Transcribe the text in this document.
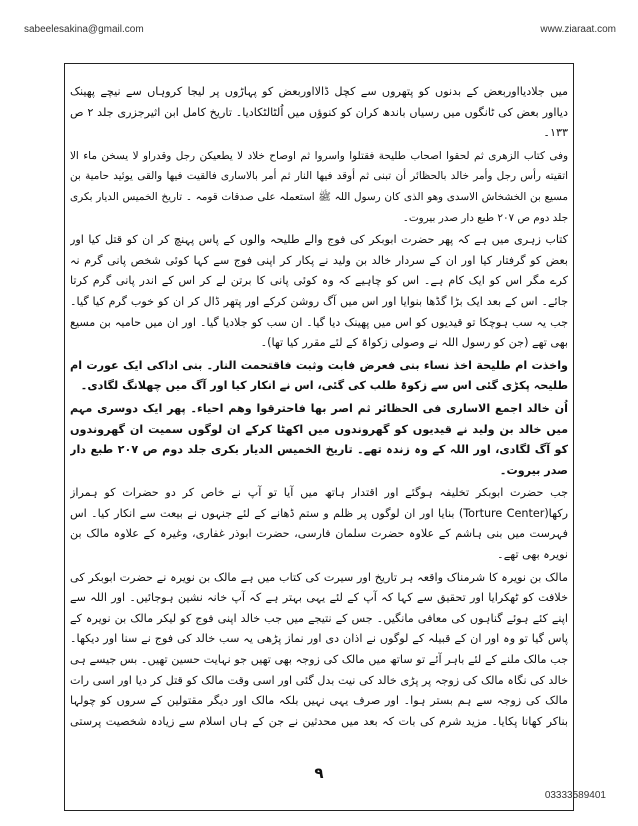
sabeelesakina@gmail.com	www.ziaraat.com

میں جلادیااوربعض کے بدنوں کو پتھروں سے کچل ڈالااوربعض کو پہاڑوں پر لیجا کروہاں سے نیچے پھینک دیااور بعض کی ٹانگوں میں رسیاں باندھ کران کو کنوؤں میں اُلٹالٹکادیا۔ تاریخ کامل ابن اثیرجزری جلد ۲ ص ۱۳۳۔

وفی کتاب الزھری ثم لحقوا اصحاب طلیحة فقتلوا واسروا ثم اوصاح خلاد لا یطعیکن رجل وقدراو لا یسخن ماء الا اتقیته رأس رجل وأمر خالد بالحظائر أن تبنی ثم أوقد فیھا النار ثم أمر بالاساری فالقیت فیھا والقی یوئید حامیة بن مسیع بن الخشخاش الاسدی وھو الذی کان رسول اللہ ﷺ استعملہ علی صدقات قومہ ۔ تاریخ الخمیس الدیار بکری جلد دوم ص ۲۰۷ طبع دار صدر بیروت۔

کتاب زہری میں ہے کہ پھر حضرت ابوبکر کی فوج والے طلیحہ والوں کے پاس پہنچ کر ان کو قتل کیا اور بعض کو گرفتار کیا اور ان کے سردار خالد بن ولید نے پکار کر اپنی فوج سے کہا کوئی شخص پانی گرم نہ کرے مگر اس کو ایک کام ہے۔ اس کو چاہیے کہ وہ کوئی پانی کا برتن لے کر اس کے اندر پانی گرم کرتا جائے۔ اس کے بعد ایک بڑا گڈھا بنوایا اور اس میں آگ روشن کرکے اور پتھر ڈال کر ان کو خوب گرم کیا گیا۔ جب یہ سب ہوچکا تو قیدیوں کو اس میں پھینک دیا گیا۔ ان سب کو جلادیا گیا۔ اور ان میں حامیہ بن مسیع بھی تھے (جن کو رسول اللہ نے وصولی زکواۃ کے لئے مقرر کیا تھا)۔

واخذت ام طلیحة اخذ نساء بنی فعرض فابت وثبت فاقتحمت النار۔ بنی اداکی ایک عورت ام طلیحہ پکڑی گئی اس سے زکوۃ طلب کی گئی، اس نے انکار کیا اور آگ میں چھلانگ لگادی۔

اُن خالد اجمع الاساری فی الحظائر ثم اصر بھا فاحترقوا وھم احیاء۔ پھر ایک دوسری مہم میں خالد بن ولید نے قیدیوں کو گھروندوں میں اکھٹا کرکے ان لوگوں سمیت ان گھروندوں کو آگ لگادی، اور اللہ کے وہ زندہ تھے۔ تاریخ الخمیس الدیار بکری جلد دوم ص ۲۰۷ طبع دار صدر بیروت۔

جب حضرت ابوبکر تخلیفہ ہوگئے اور اقتدار ہاتھ میں آیا تو آپ نے خاص کر دو حضرات کو ہمراز رکھا(Torture Center) بنایا اور ان لوگوں پر ظلم و ستم ڈھانے کے لئے جنہوں نے بیعت سے انکار کیا۔ اس فہرست میں بنی ہاشم کے علاوہ حضرت سلمان فارسی، حضرت ابوذر غفاری، وغیرہ کے علاوہ مالک بن نویرہ بھی تھے۔

مالک بن نویرہ کا شرمناک واقعہ ہر تاریخ اور سیرت کی کتاب میں ہے مالک بن نویرہ نے حضرت ابوبکر کی خلافت کو ٹھکرایا اور تحقیق سے کہا کہ آپ کے لئے یہی بہتر ہے کہ آپ خانہ نشین ہوجائیں۔ اور اللہ سے اپنے کئے ہوئے گناہوں کی معافی مانگیں۔ جس کے نتیجے میں جب خالد اپنی فوج کو لیکر مالک بن نویرہ کے پاس گیا تو وہ اور ان کے قبیلہ کے لوگوں نے اذان دی اور نماز پڑھی یہ سب خالد کی فوج نے سنا اور دیکھا۔ جب مالک ملنے کے لئے باہر آئے تو ساتھ میں مالک کی زوجہ بھی تھیں جو نہایت حسین تھیں۔ بس جیسے ہی خالد کی نگاہ مالک کی زوجہ پر پڑی خالد کی نیت بدل گئی اور اسی وقت مالک کو قتل کر دیا اور اسی رات مالک کی زوجہ سے ہم بستر ہوا۔ اور صرف یہی نہیں بلکہ مالک اور دیگر مقتولین کے سروں کو چولہا بناکر کھانا پکایا۔ مزید شرم کی بات کہ بعد میں محدثین نے جن کے ہاں اسلام سے زیادہ شخصیت پرستی

۹
03333589401
